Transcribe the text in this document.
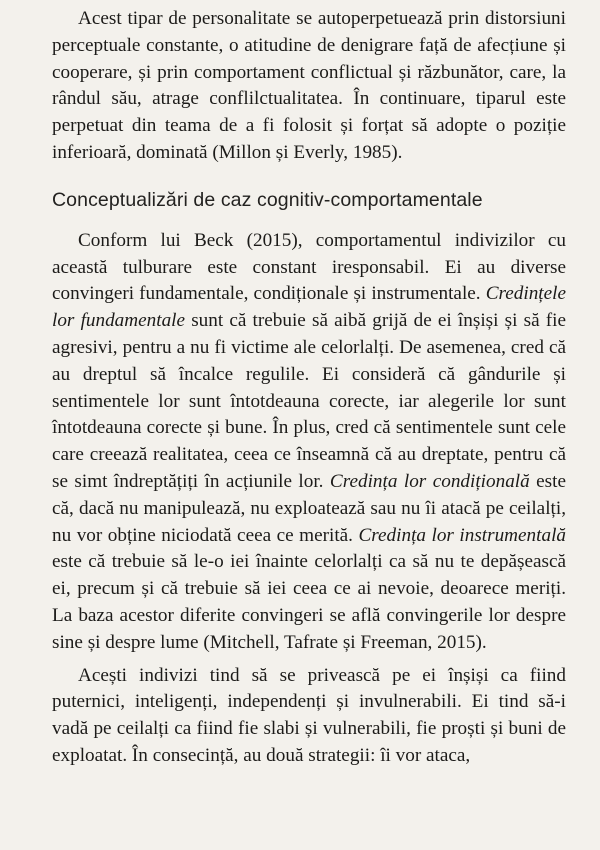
Acest tipar de personalitate se autoperpetuează prin distorsiuni perceptuale constante, o atitudine de denigrare față de afecțiune și cooperare, și prin comportament conflictual și răzbunător, care, la rândul său, atrage conflilctualitatea. În continuare, tiparul este perpetuat din teama de a fi folosit și forțat să adopte o poziție inferioară, dominată (Millon și Everly, 1985).

Conceptualizări de caz cognitiv-comportamentale

Conform lui Beck (2015), comportamentul indivizilor cu această tulburare este constant iresponsabil. Ei au diverse convingeri fundamentale, condiționale și instrumentale. Credințele lor fundamentale sunt că trebuie să aibă grijă de ei înșiși și să fie agresivi, pentru a nu fi victime ale celorlalți. De asemenea, cred că au dreptul să încalce regulile. Ei consideră că gândurile și sentimentele lor sunt întotdeauna corecte, iar alegerile lor sunt întotdeauna corecte și bune. În plus, cred că sentimentele sunt cele care creează realitatea, ceea ce înseamnă că au dreptate, pentru că se simt îndreptățiți în acțiunile lor. Credința lor condițională este că, dacă nu manipulează, nu exploatează sau nu îi atacă pe ceilalți, nu vor obține niciodată ceea ce merită. Credința lor instrumentală este că trebuie să le-o iei înainte celorlalți ca să nu te depășească ei, precum și că trebuie să iei ceea ce ai nevoie, deoarece meriți. La baza acestor diferite convingeri se află convingerile lor despre sine și despre lume (Mitchell, Tafrate și Freeman, 2015).

Acești indivizi tind să se privească pe ei înșiși ca fiind puternici, inteligenți, independenți și invulnerabili. Ei tind să-i vadă pe ceilalți ca fiind fie slabi și vulnerabili, fie proști și buni de exploatat. În consecință, au două strategii: îi vor ataca,
